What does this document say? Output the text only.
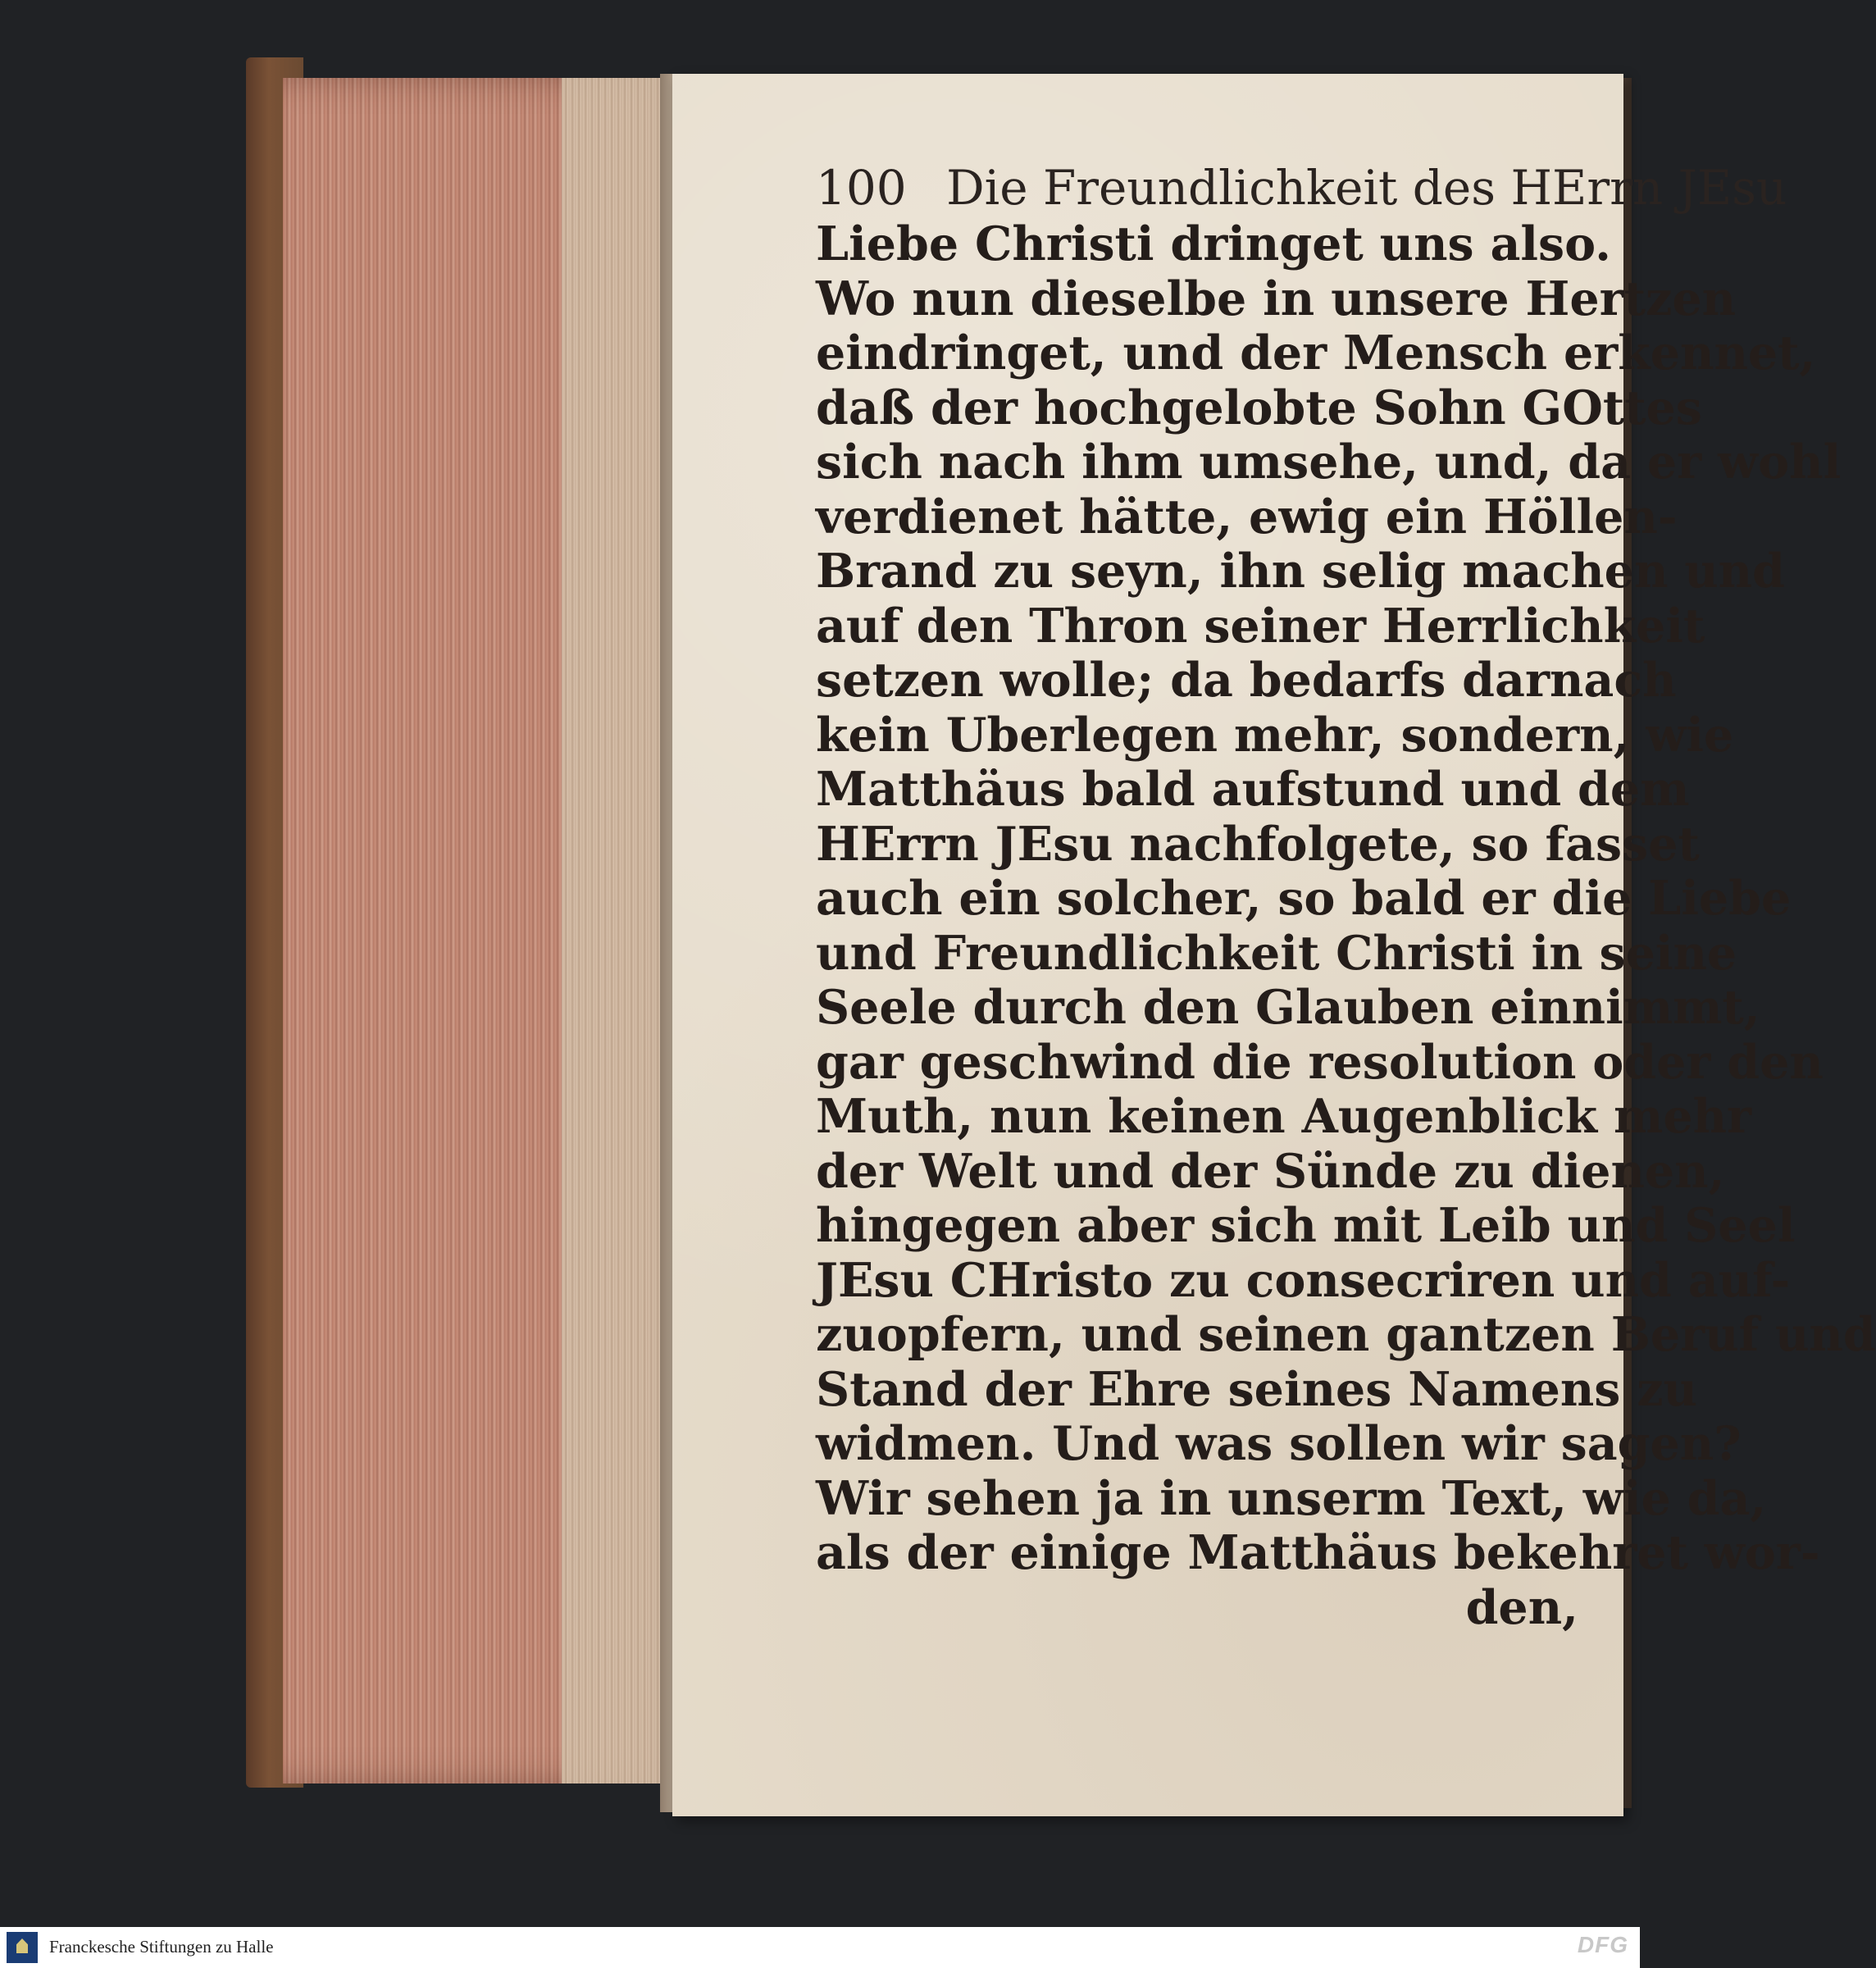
100 Die Freundlichkeit des HErrn JEsu
Liebe Christi dringet uns also.
Wo nun dieselbe in unsere Hertzen
eindringet, und der Mensch erkennet,
daß der hochgelobte Sohn GOttes
sich nach ihm umsehe, und, da er wohl
verdienet hätte, ewig ein Höllen-
Brand zu seyn, ihn selig machen und
auf den Thron seiner Herrlichkeit
setzen wolle; da bedarfs darnach
kein Uberlegen mehr, sondern, wie
Matthäus bald aufstund und dem
HErrn JEsu nachfolgete, so fasset
auch ein solcher, so bald er die Liebe
und Freundlichkeit Christi in seine
Seele durch den Glauben einnimmt,
gar geschwind die resolution oder den
Muth, nun keinen Augenblick mehr
der Welt und der Sünde zu dienen,
hingegen aber sich mit Leib und Seel
JEsu CHristo zu consecriren und auf-
zuopfern, und seinen gantzen Beruf und
Stand der Ehre seines Namens zu
widmen. Und was sollen wir sagen?
Wir sehen ja in unserm Text, wie da,
als der einige Matthäus bekehret wor-
den,
Franckesche Stiftungen zu Halle	DFG
